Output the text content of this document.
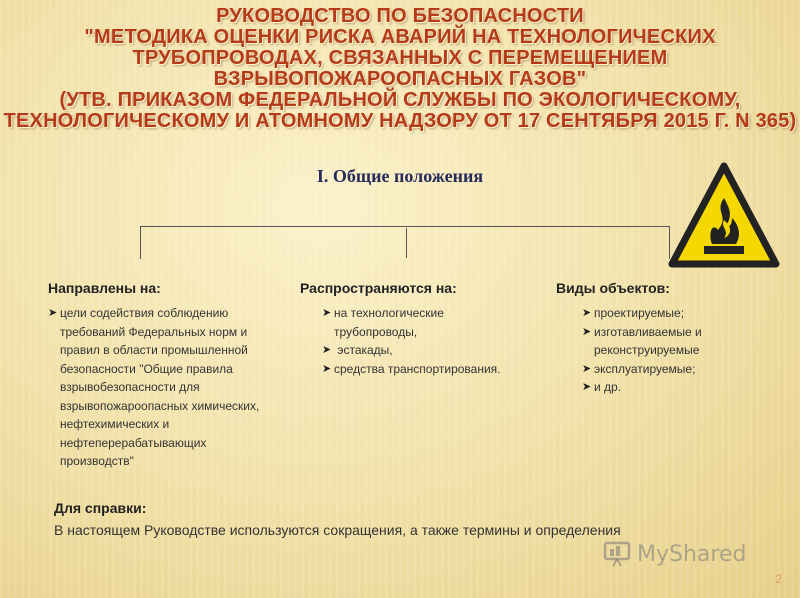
РУКОВОДСТВО ПО БЕЗОПАСНОСТИ
"МЕТОДИКА ОЦЕНКИ РИСКА АВАРИЙ НА ТЕХНОЛОГИЧЕСКИХ
ТРУБОПРОВОДАХ, СВЯЗАННЫХ С ПЕРЕМЕЩЕНИЕМ
ВЗРЫВОПОЖАРООПАСНЫХ ГАЗОВ"
(УТВ. ПРИКАЗОМ ФЕДЕРАЛЬНОЙ СЛУЖБЫ ПО ЭКОЛОГИЧЕСКОМУ,
ТЕХНОЛОГИЧЕСКОМУ И АТОМНОМУ НАДЗОРУ ОТ 17 СЕНТЯБРЯ 2015 Г. N 365)
I. Общие положения
Направлены на:	Распространяются на:	Виды объектов:
➤ цели содействия соблюдению
требований Федеральных норм и
правил в области промышленной
безопасности "Общие правила
взрывобезопасности для
взрывопожароопасных химических,
нефтехимических и
нефтеперерабатывающих
производств"
➤ на технологические
трубопроводы,
➤ эстакады,
➤ средства транспортирования.
➤ проектируемые;
➤ изготавливаемые и
реконструируемые
➤ эксплуатируемые;
➤ и др.
Для справки:
В настоящем Руководстве используются сокращения, а также термины и определения
MyShared
2
